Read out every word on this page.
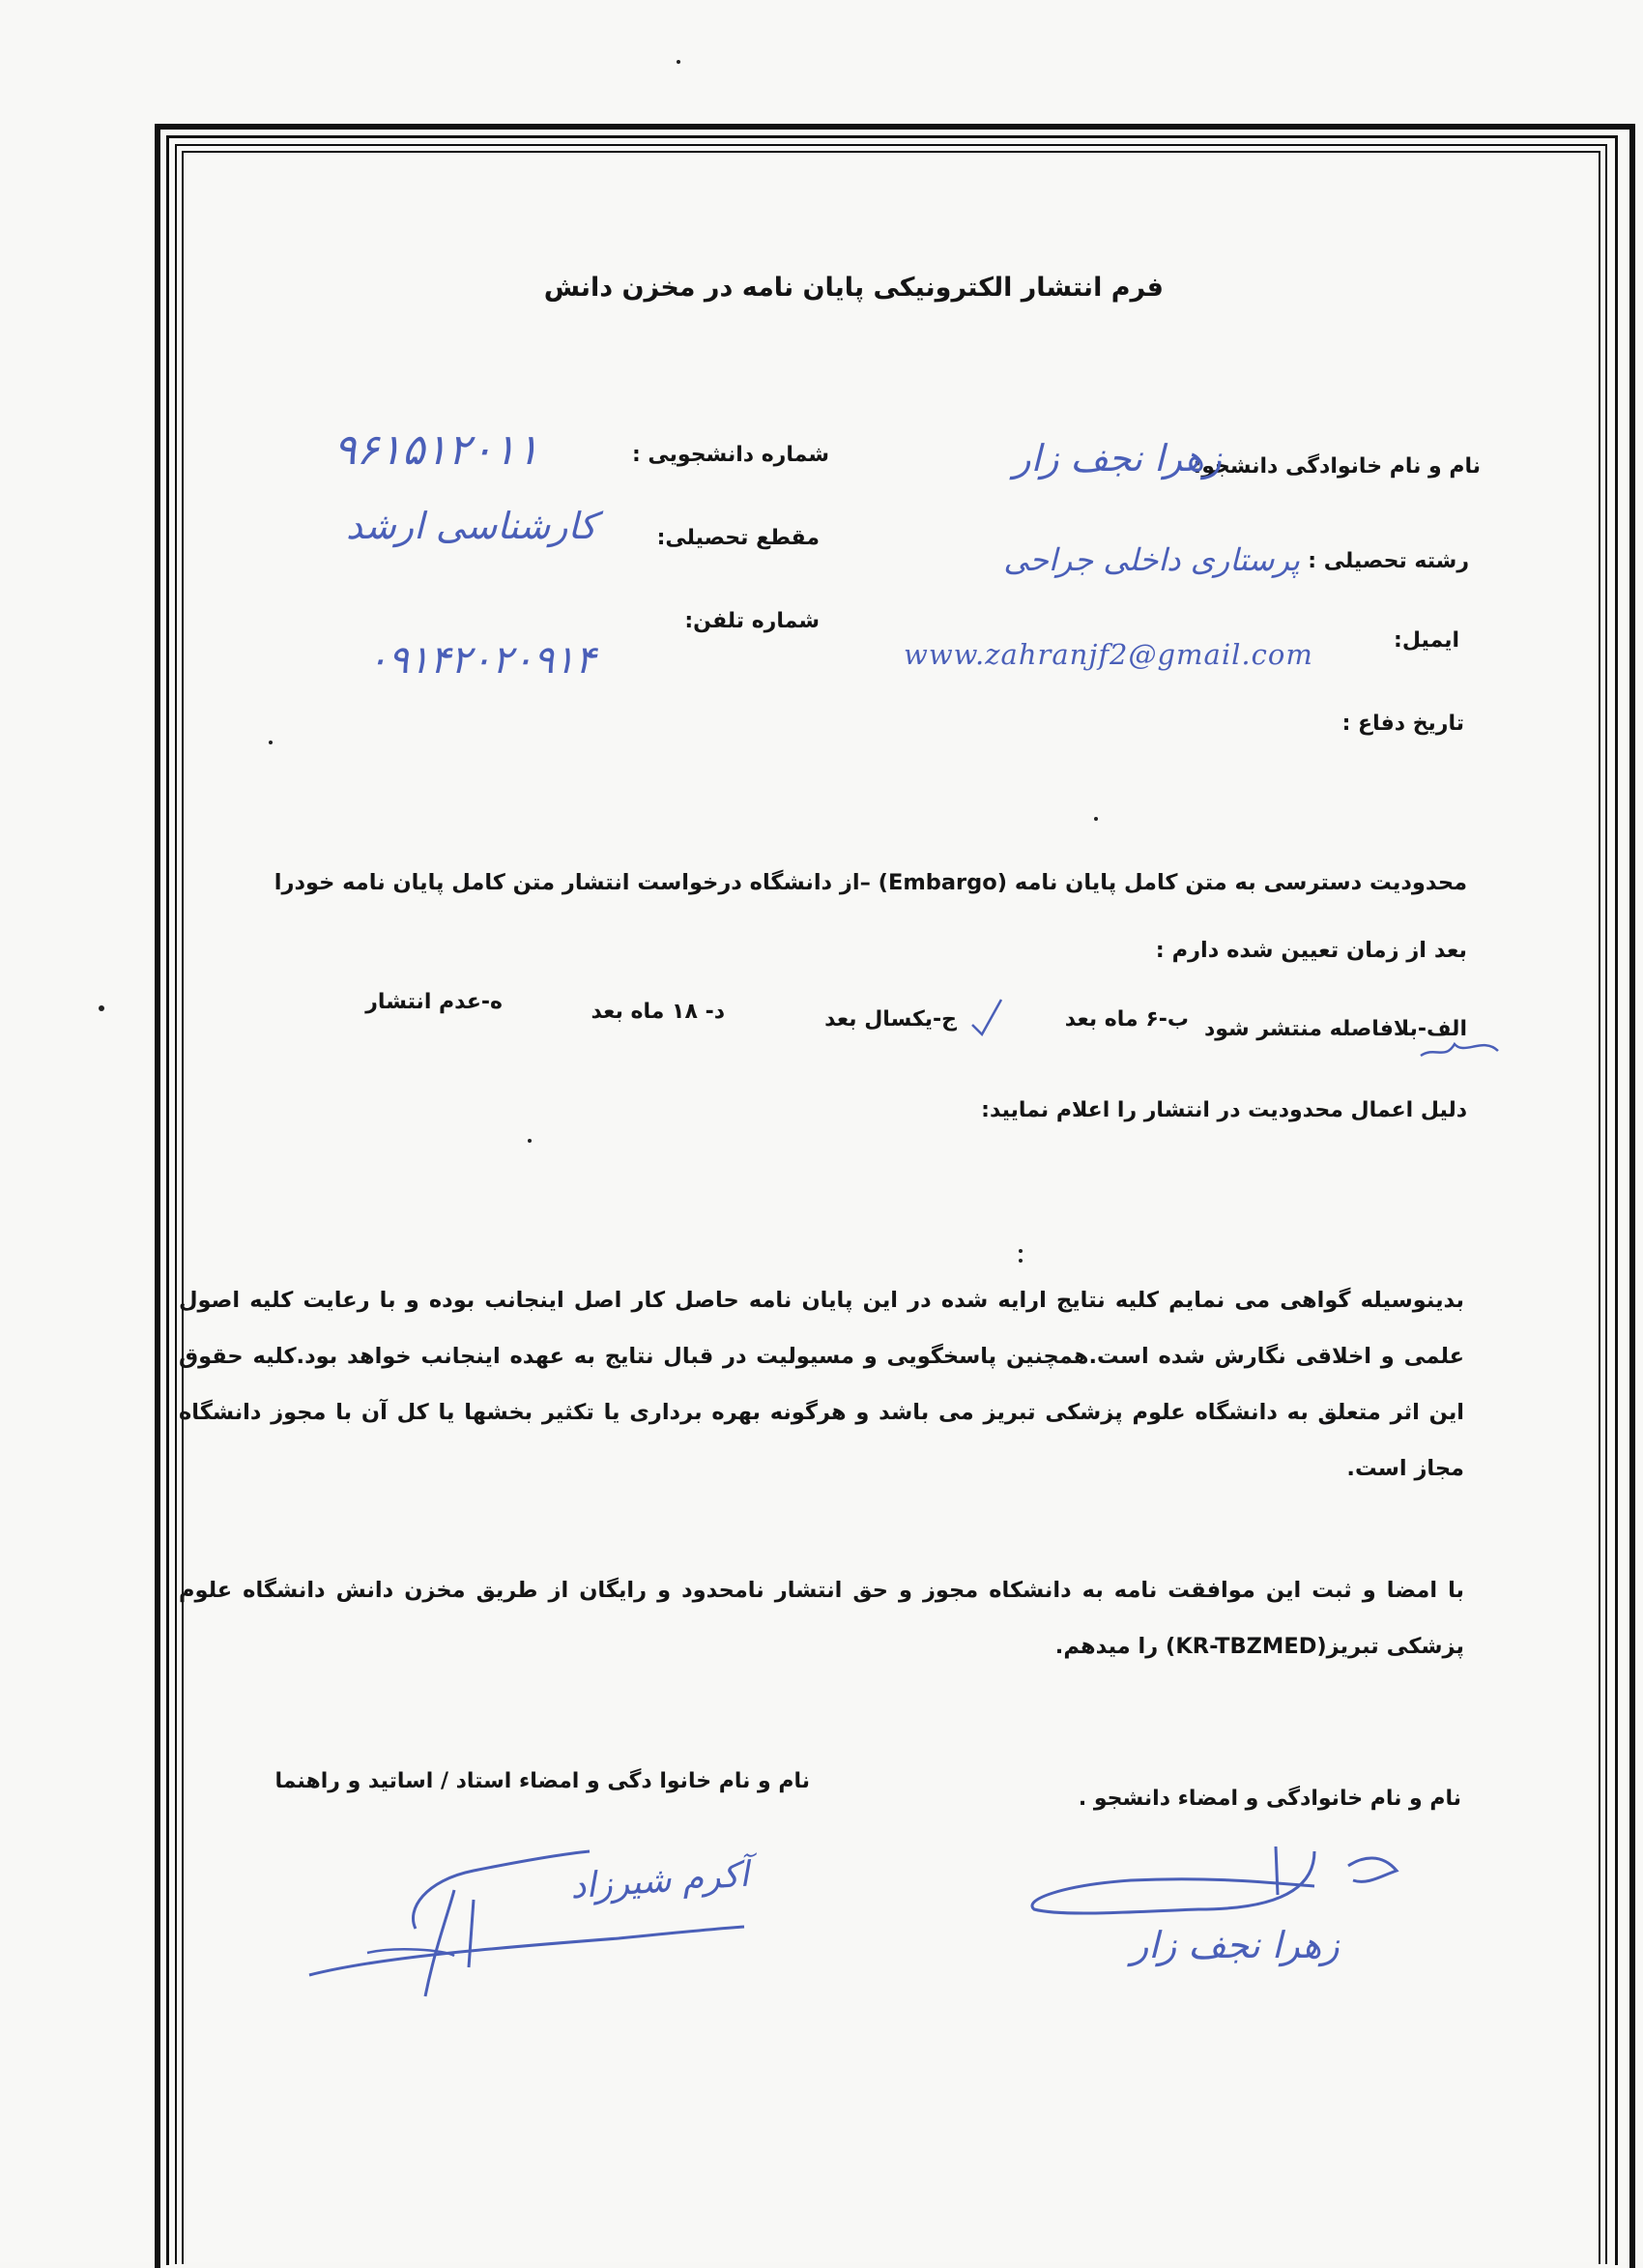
فرم انتشار الکترونیکی پایان نامه در مخزن دانش
نام و نام خانوادگی دانشجو:
زهرا نجف زار
رشته تحصیلی :
پرستاری داخلی جراحی
ایمیل:
www.zahranjf2@gmail.com
تاریخ دفاع :
شماره دانشجویی :
۹۶۱۵۱۲۰۱۱
مقطع تحصیلی:
کارشناسی ارشد
شماره تلفن:
۰۹۱۴۲۰۲۰۹۱۴
محدودیت دسترسی به متن کامل پایان نامه (Embargo) –از دانشگاه درخواست انتشار متن کامل پایان نامه خودرا
بعد از زمان تعیین شده دارم :
الف-بلافاصله منتشر شود
ب-۶ ماه بعد
ج-یکسال بعد
د- ۱۸ ماه بعد
ه-عدم انتشار
دلیل اعمال محدودیت در انتشار را اعلام نمایید:
بدینوسیله گواهی می نمایم کلیه نتایج ارایه شده در این پایان نامه حاصل کار اصل اینجانب بوده و با رعایت کلیه اصول علمی و اخلاقی نگارش شده است.همچنین پاسخگویی و مسیولیت در قبال نتایج به عهده اینجانب خواهد بود.کلیه حقوق این اثر متعلق به دانشگاه علوم پزشکی تبریز می باشد و هرگونه بهره برداری یا تکثیر بخشها یا کل آن با مجوز دانشگاه مجاز است.
با امضا و ثبت این موافقت نامه به دانشکاه مجوز و حق انتشار نامحدود و رایگان از طریق مخزن دانش دانشگاه علوم پزشکی تبریز(KR-TBZMED) را میدهم.
نام و نام خانوادگی و امضاء دانشجو .
نام و نام خانوا دگی و امضاء استاد / اساتید و راهنما
زهرا نجف زار
آکرم شیرزاد
